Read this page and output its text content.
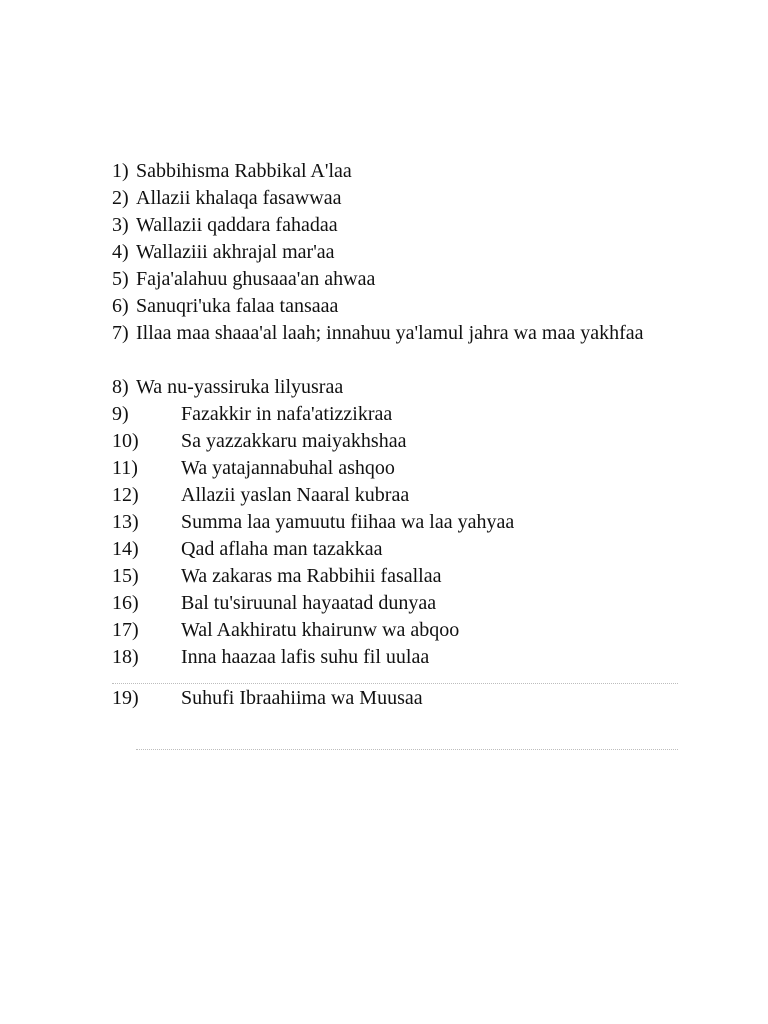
1) Sabbihisma Rabbikal A'laa
2) Allazii khalaqa fasawwaa
3) Wallazii qaddara fahadaa
4) Wallaziii akhrajal mar'aa
5) Faja'alahuu ghusaaa'an ahwaa
6) Sanuqri'uka falaa tansaaa
7) Illaa maa shaaa'al laah; innahuu ya'lamul jahra wa maa yakhfaa
8) Wa nu-yassiruka lilyusraa
9)	Fazakkir in nafa'atizzikraa
10)	Sa yazzakkaru maiyakhshaa
11)	Wa yatajannabuhal ashqoo
12)	Allazii yaslan Naaral kubraa
13)	Summa laa yamuutu fiihaa wa laa yahyaa
14)	Qad aflaha man tazakkaa
15)	Wa zakaras ma Rabbihii fasallaa
16)	Bal tu'siruunal hayaatad dunyaa
17)	Wal Aakhiratu khairunw wa abqoo
18)	Inna haazaa lafis suhu fil uulaa
19)	Suhufi Ibraahiima wa Muusaa
